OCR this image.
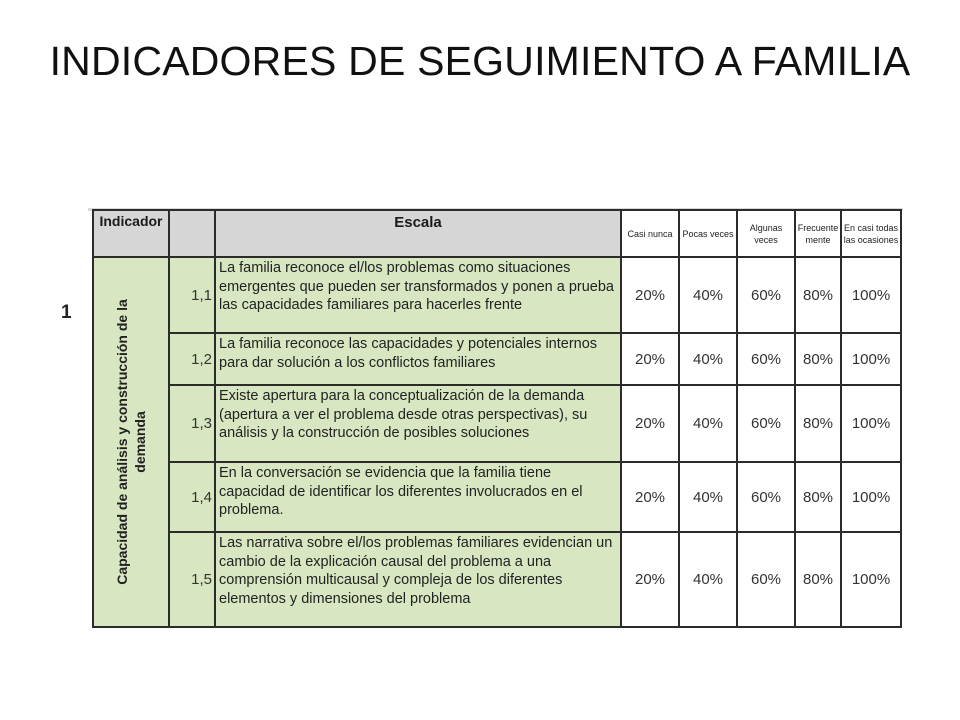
INDICADORES DE SEGUIMIENTO A FAMILIA
1
Indicador		Escala	Casi nunca	Pocas veces	Algunas veces	Frecuente mente	En casi todas las ocasiones

Capacidad de análisis y construcción de la demanda	1,1	La familia reconoce el/los problemas como situaciones emergentes que pueden ser transformados y ponen a prueba las capacidades familiares para hacerles frente	20%	40%	60%	80%	100%
	1,2	La familia reconoce las capacidades y potenciales internos para dar solución a los conflictos familiares	20%	40%	60%	80%	100%
	1,3	Existe apertura para la conceptualización de la demanda (apertura a ver el problema desde otras perspectivas), su análisis y la construcción de posibles soluciones	20%	40%	60%	80%	100%
	1,4	En la conversación se evidencia que la familia tiene capacidad de identificar los diferentes involucrados en el problema.	20%	40%	60%	80%	100%
	1,5	Las narrativa sobre el/los problemas familiares evidencian un cambio de la explicación causal del problema a una comprensión multicausal y compleja de los diferentes elementos y dimensiones del problema	20%	40%	60%	80%	100%
